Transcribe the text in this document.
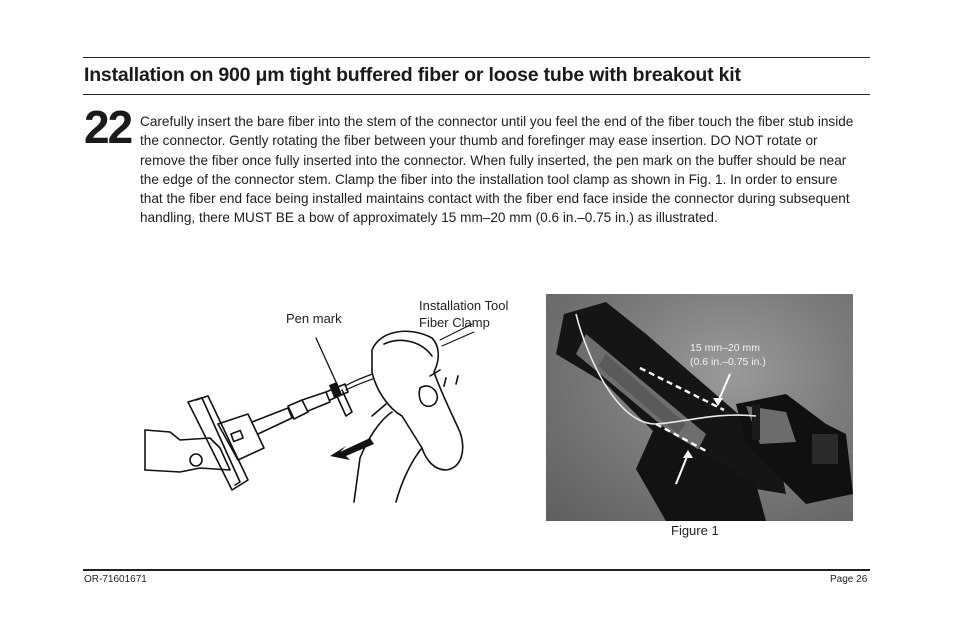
Installation on 900 μm tight buffered fiber or loose tube with breakout kit
22 Carefully insert the bare fiber into the stem of the connector until you feel the end of the fiber touch the fiber stub inside the connector. Gently rotating the fiber between your thumb and forefinger may ease insertion. DO NOT rotate or remove the fiber once fully inserted into the connector. When fully inserted, the pen mark on the buffer should be near the edge of the connector stem. Clamp the fiber into the installation tool clamp as shown in Fig. 1. In order to ensure that the fiber end face being installed maintains contact with the fiber end face inside the connector during subsequent handling, there MUST BE a bow of approximately 15 mm–20 mm (0.6 in.–0.75 in.) as illustrated.
Pen mark
Installation Tool
Fiber Clamp
15 mm–20 mm
(0.6 in.–0.75 in.)
Figure 1
OR-71601671	Page 26
